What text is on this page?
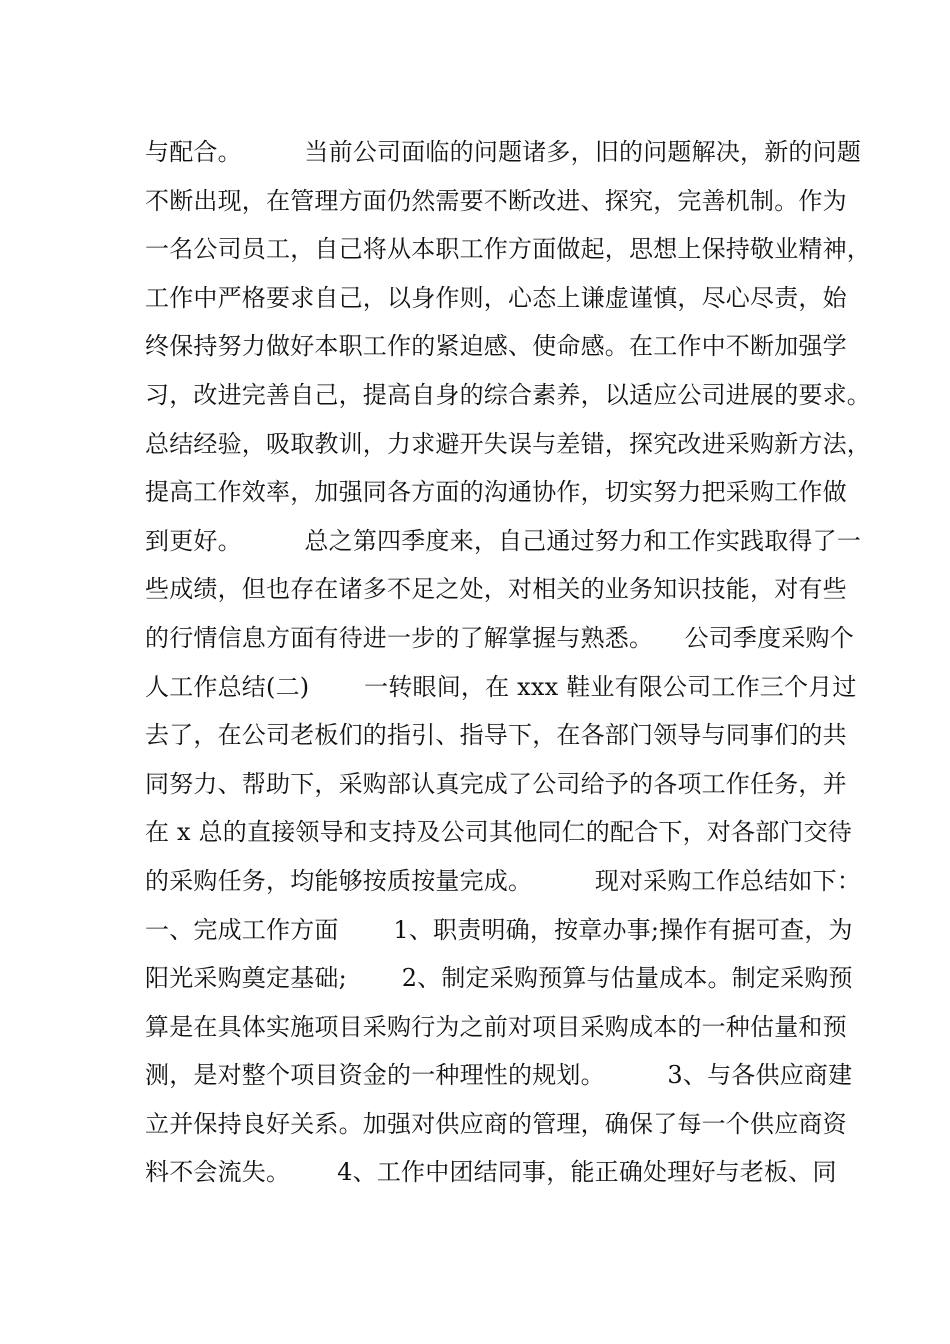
与配合。        当前公司面临的问题诸多，旧的问题解决，新的问题
不断出现，在管理方面仍然需要不断改进、探究，完善机制。作为
一名公司员工，自己将从本职工作方面做起，思想上保持敬业精神，
工作中严格要求自己，以身作则，心态上谦虚谨慎，尽心尽责，始
终保持努力做好本职工作的紧迫感、使命感。在工作中不断加强学
习，改进完善自己，提高自身的综合素养，以适应公司进展的要求。
总结经验，吸取教训，力求避开失误与差错，探究改进采购新方法，
提高工作效率，加强同各方面的沟通协作，切实努力把采购工作做
到更好。        总之第四季度来，自己通过努力和工作实践取得了一
些成绩，但也存在诸多不足之处，对相关的业务知识技能，对有些
的行情信息方面有待进一步的了解掌握与熟悉。    公司季度采购个
人工作总结(二)       一转眼间，在 xxx 鞋业有限公司工作三个月过
去了，在公司老板们的指引、指导下，在各部门领导与同事们的共
同努力、帮助下，采购部认真完成了公司给予的各项工作任务，并
在 x 总的直接领导和支持及公司其他同仁的配合下，对各部门交待
的采购任务，均能够按质按量完成。        现对采购工作总结如下：
一、完成工作方面       1、职责明确，按章办事;操作有据可查，为
阳光采购奠定基础;       2、制定采购预算与估量成本。制定采购预
算是在具体实施项目采购行为之前对项目采购成本的一种估量和预
测，是对整个项目资金的一种理性的规划。        3、与各供应商建
立并保持良好关系。加强对供应商的管理，确保了每一个供应商资
料不会流失。      4、工作中团结同事，能正确处理好与老板、同
